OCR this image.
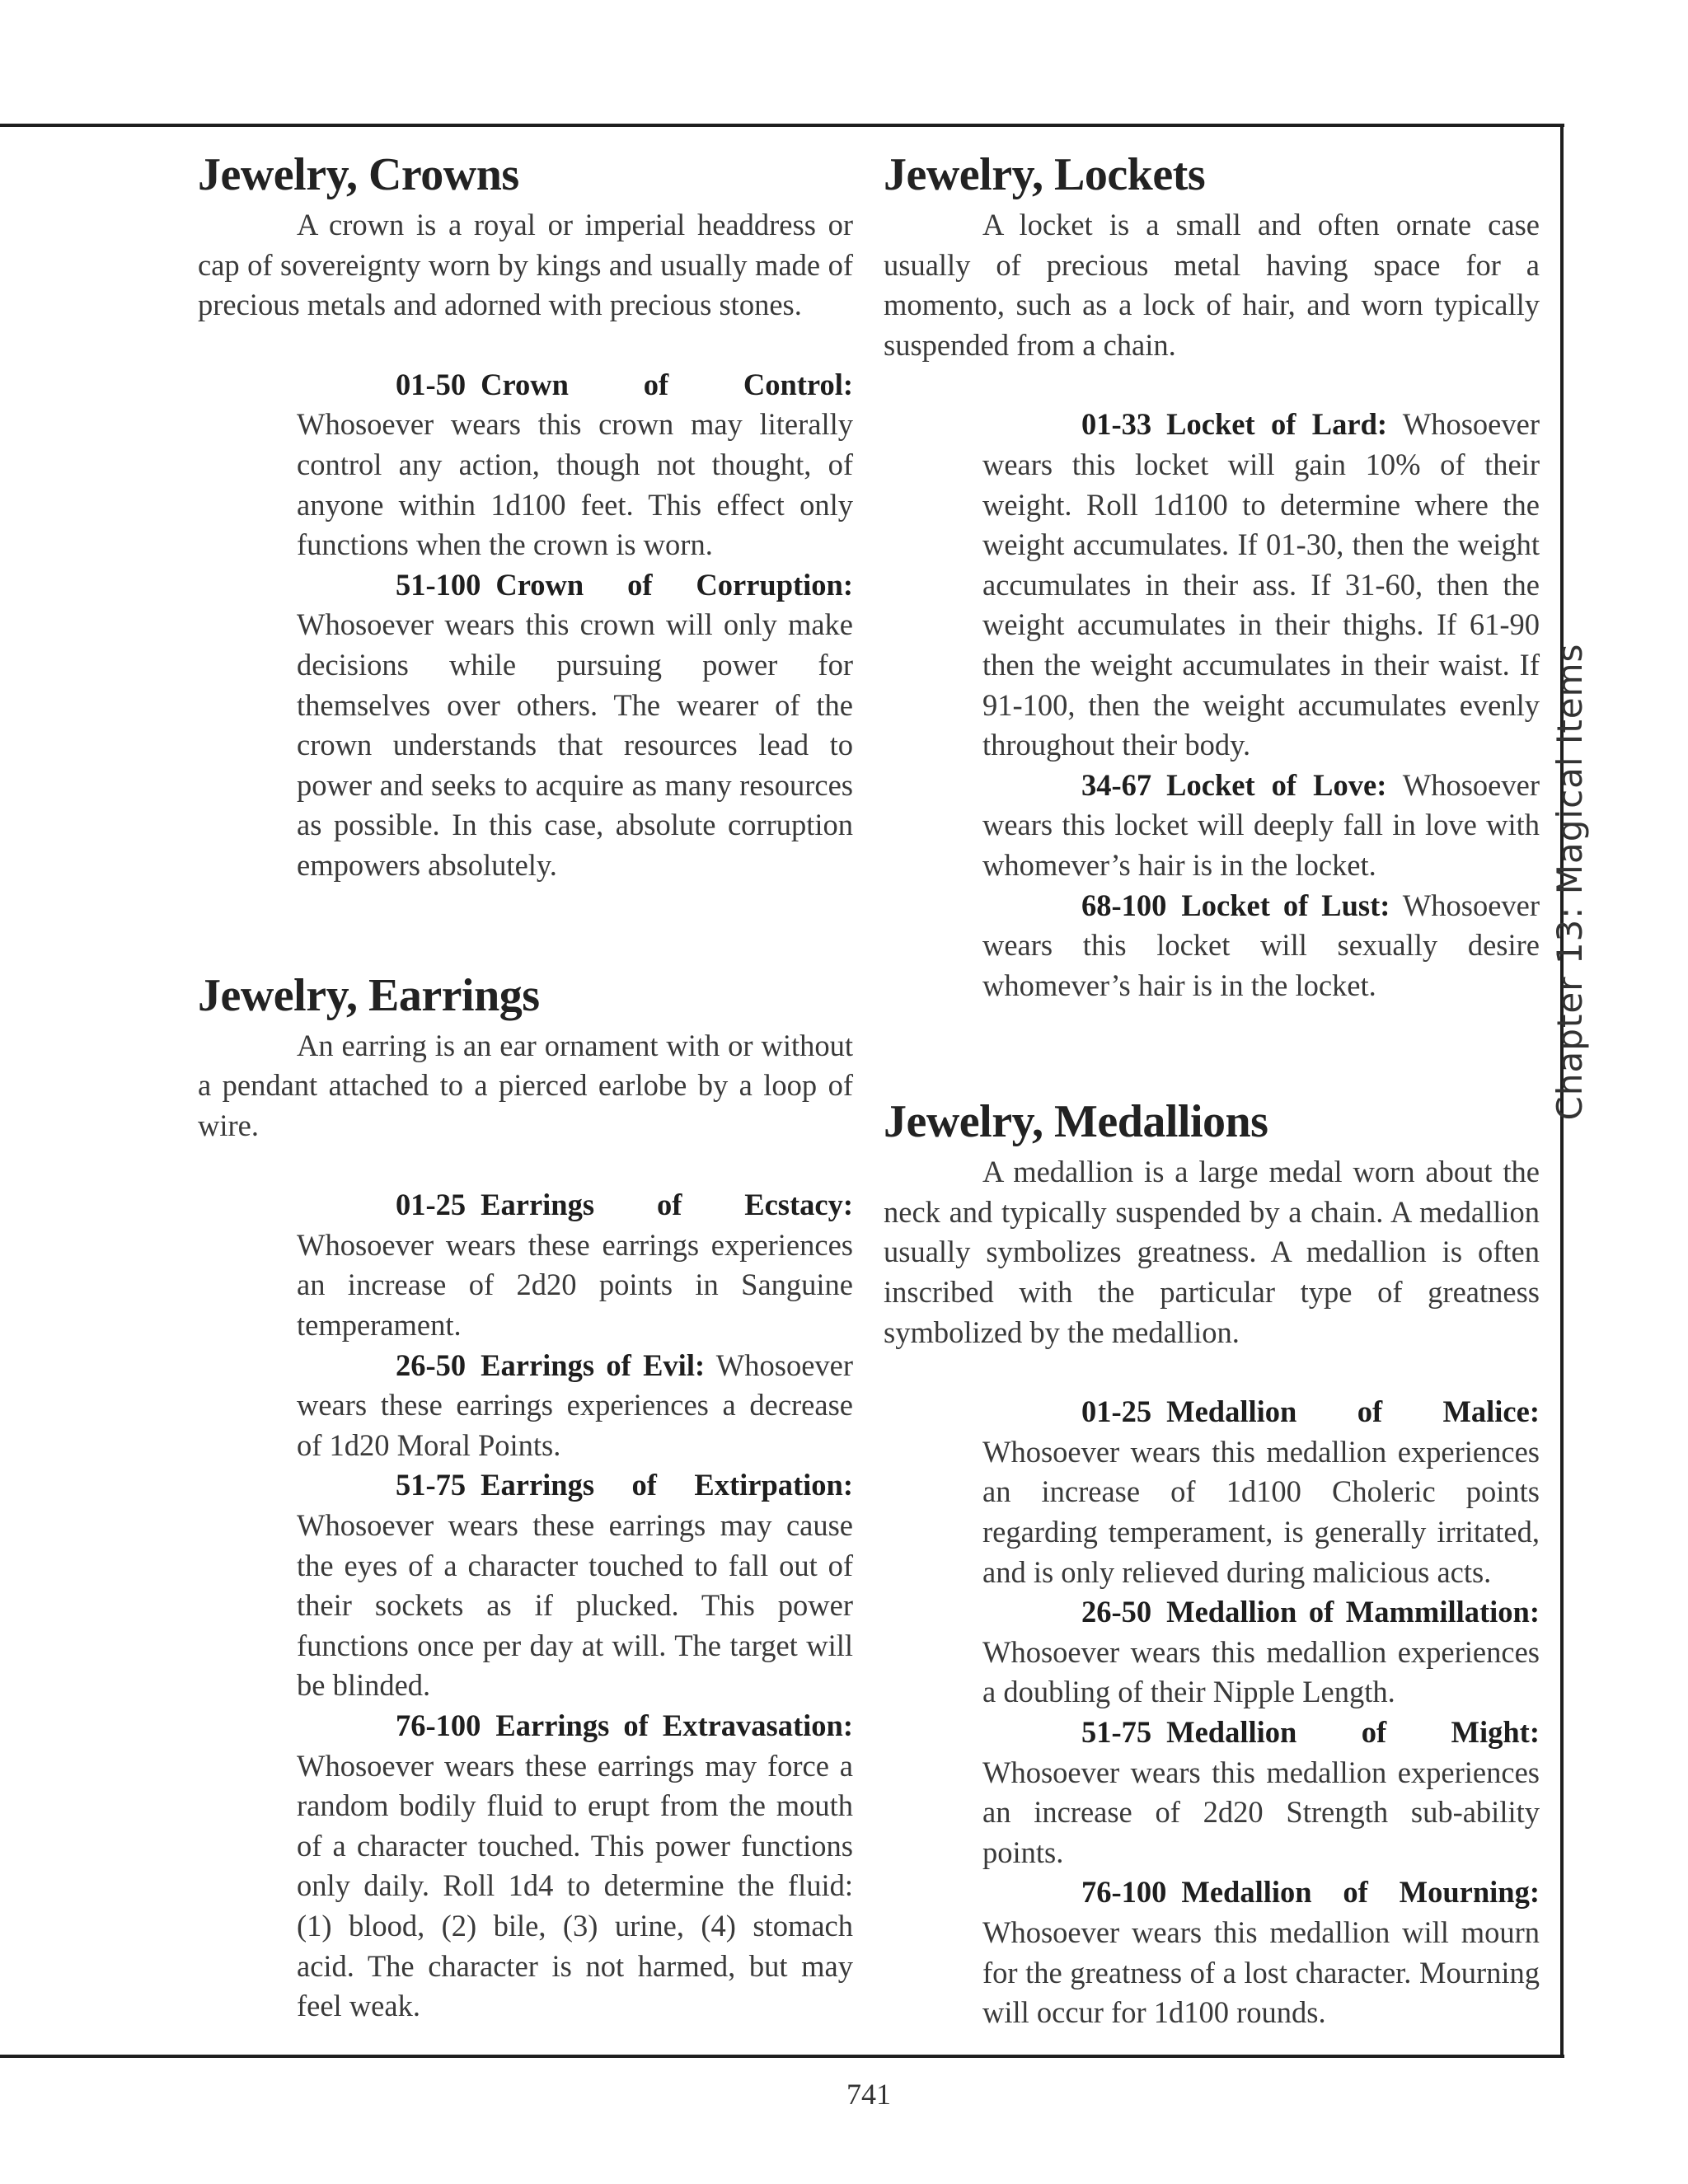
Chapter 13: Magical Items
Jewelry, Crowns

A crown is a royal or imperial headdress or cap of sovereignty worn by kings and usually made of precious metals and adorned with precious stones.

01-50 Crown of Control: Whosoever wears this crown may literally control any action, though not thought, of anyone within 1d100 feet. This effect only functions when the crown is worn.

51-100 Crown of Corruption: Whosoever wears this crown will only make decisions while pursuing power for themselves over others. The wearer of the crown understands that resources lead to power and seeks to acquire as many resources as possible. In this case, absolute corruption empowers absolutely.

Jewelry, Earrings

An earring is an ear ornament with or without a pendant attached to a pierced earlobe by a loop of wire.

01-25 Earrings of Ecstacy: Whosoever wears these earrings experiences an increase of 2d20 points in Sanguine temperament.

26-50 Earrings of Evil: Whosoever wears these earrings experiences a decrease of 1d20 Moral Points.

51-75 Earrings of Extirpation: Whosoever wears these earrings may cause the eyes of a character touched to fall out of their sockets as if plucked. This power functions once per day at will. The target will be blinded.

76-100 Earrings of Extravasation: Whosoever wears these earrings may force a random bodily fluid to erupt from the mouth of a character touched. This power functions only daily. Roll 1d4 to determine the fluid: (1) blood, (2) bile, (3) urine, (4) stomach acid. The character is not harmed, but may feel weak.

Jewelry, Lockets

A locket is a small and often ornate case usually of precious metal having space for a momento, such as a lock of hair, and worn typically suspended from a chain.

01-33 Locket of Lard: Whosoever wears this locket will gain 10% of their weight. Roll 1d100 to determine where the weight accumulates. If 01-30, then the weight accumulates in their ass. If 31-60, then the weight accumulates in their thighs. If 61-90 then the weight accumulates in their waist. If 91-100, then the weight accumulates evenly throughout their body.

34-67 Locket of Love: Whosoever wears this locket will deeply fall in love with whomever’s hair is in the locket.

68-100 Locket of Lust: Whosoever wears this locket will sexually desire whomever’s hair is in the locket.

Jewelry, Medallions

A medallion is a large medal worn about the neck and typically suspended by a chain. A medallion usually symbolizes greatness. A medallion is often inscribed with the particular type of greatness symbolized by the medallion.

01-25 Medallion of Malice: Whosoever wears this medallion experiences an increase of 1d100 Choleric points regarding temperament, is generally irritated, and is only relieved during malicious acts.

26-50 Medallion of Mammillation: Whosoever wears this medallion experiences a doubling of their Nipple Length.

51-75 Medallion of Might: Whosoever wears this medallion experiences an increase of 2d20 Strength sub-ability points.

76-100 Medallion of Mourning: Whosoever wears this medallion will mourn for the greatness of a lost character. Mourning will occur for 1d100 rounds.

741
